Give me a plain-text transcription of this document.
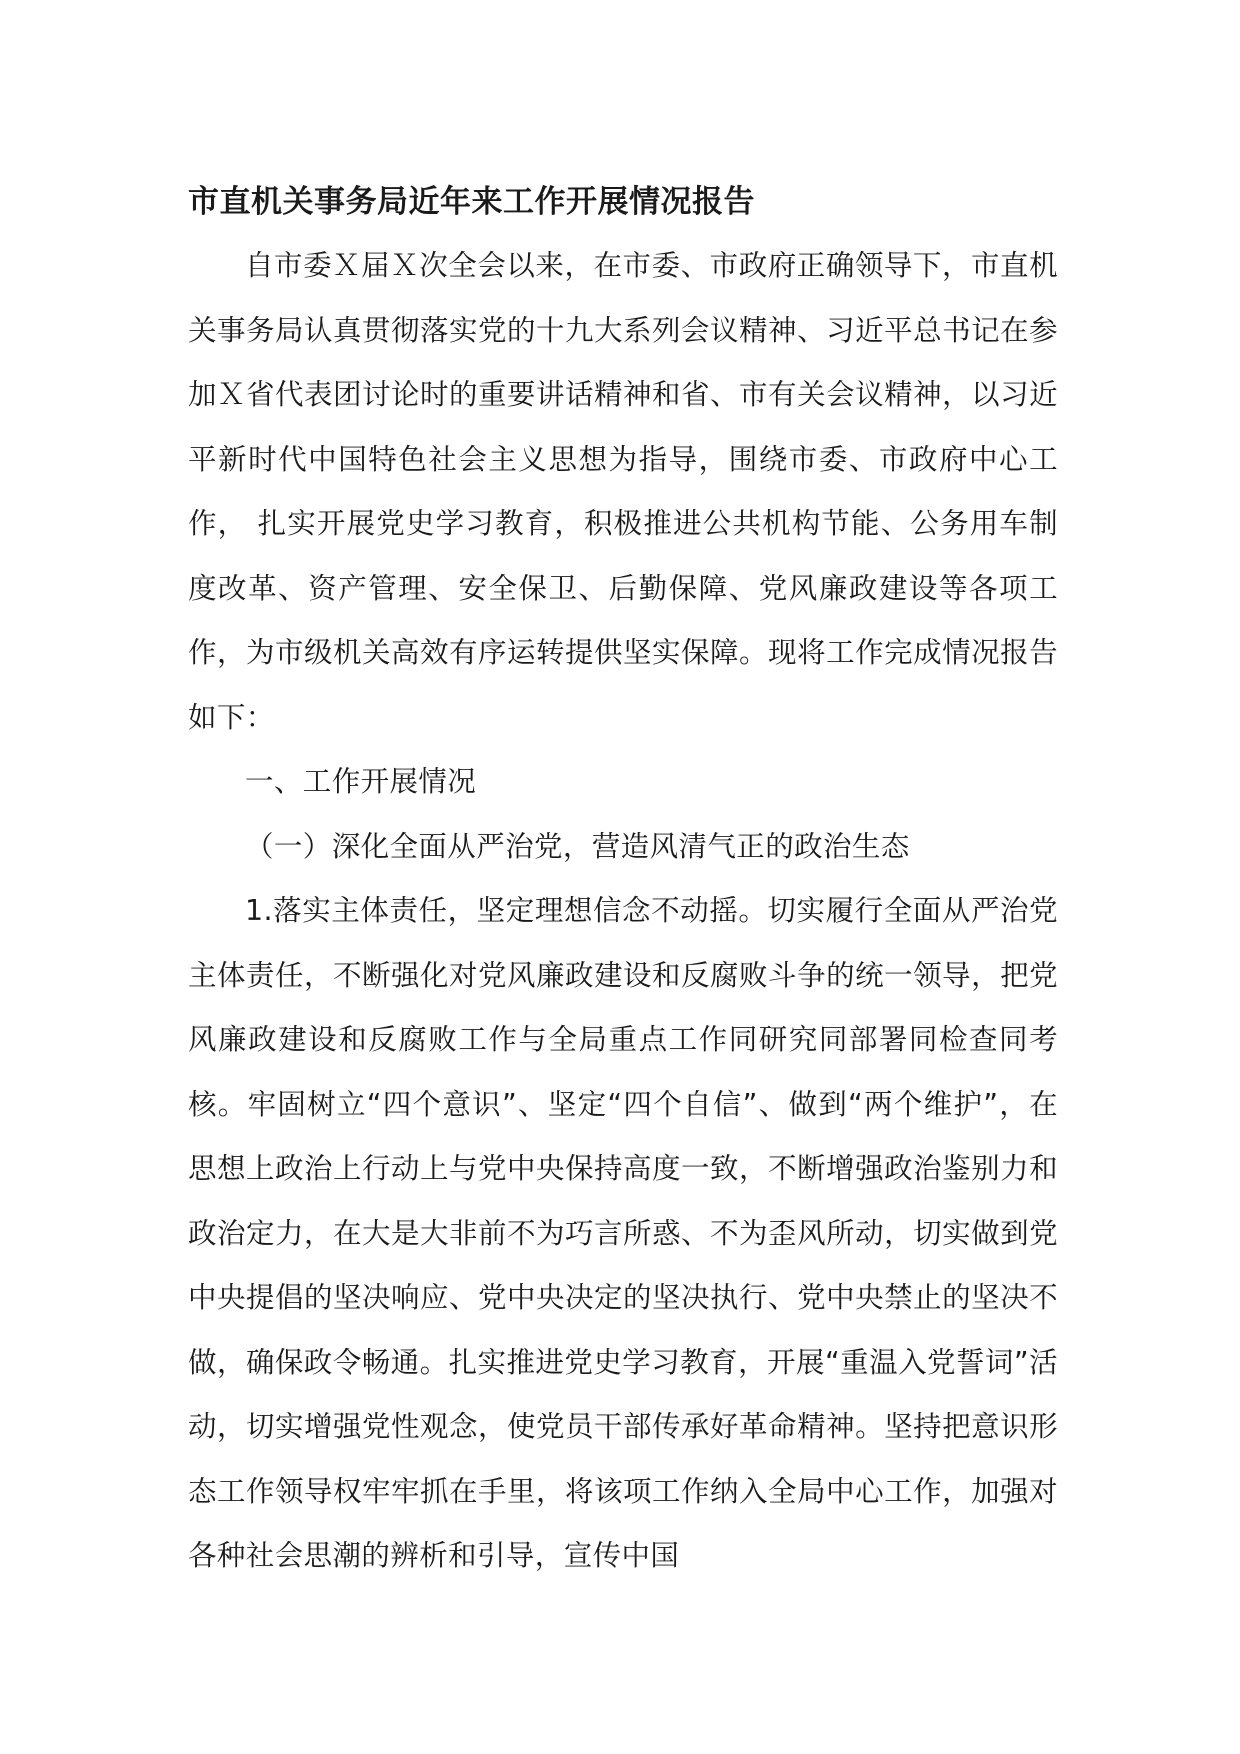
市直机关事务局近年来工作开展情况报告

自市委Ｘ届Ｘ次全会以来，在市委、市政府正确领导下，市直机关事务局认真贯彻落实党的十九大系列会议精神、习近平总书记在参加Ｘ省代表团讨论时的重要讲话精神和省、市有关会议精神，以习近平新时代中国特色社会主义思想为指导，围绕市委、市政府中心工作， 扎实开展党史学习教育，积极推进公共机构节能、公务用车制度改革、资产管理、安全保卫、后勤保障、党风廉政建设等各项工作，为市级机关高效有序运转提供坚实保障。现将工作完成情况报告如下：

一、工作开展情况

（一）深化全面从严治党，营造风清气正的政治生态

1.落实主体责任，坚定理想信念不动摇。切实履行全面从严治党主体责任，不断强化对党风廉政建设和反腐败斗争的统一领导，把党风廉政建设和反腐败工作与全局重点工作同研究同部署同检查同考核。牢固树立“四个意识”、坚定“四个自信”、做到“两个维护”，在思想上政治上行动上与党中央保持高度一致，不断增强政治鉴别力和政治定力，在大是大非前不为巧言所惑、不为歪风所动，切实做到党中央提倡的坚决响应、党中央决定的坚决执行、党中央禁止的坚决不做，确保政令畅通。扎实推进党史学习教育，开展“重温入党誓词”活动，切实增强党性观念，使党员干部传承好革命精神。坚持把意识形态工作领导权牢牢抓在手里，将该项工作纳入全局中心工作，加强对各种社会思潮的辨析和引导，宣传中国
